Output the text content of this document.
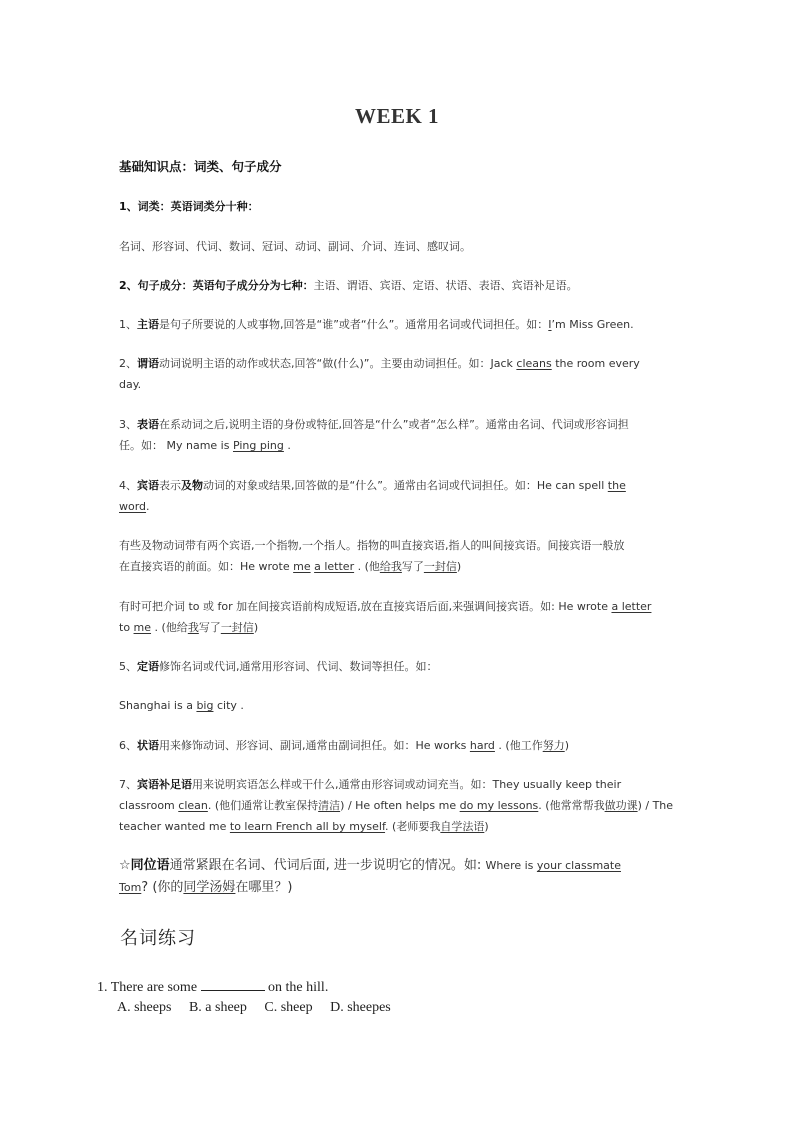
WEEK 1
基础知识点：词类、句子成分
1、词类：英语词类分十种：
名词、形容词、代词、数词、冠词、动词、副词、介词、连词、感叹词。
2、句子成分：英语句子成分分为七种：主语、谓语、宾语、定语、状语、表语、宾语补足语。
1、主语是句子所要说的人或事物,回答是“谁”或者“什么”。通常用名词或代词担任。如：I’m Miss Green.
2、谓语动词说明主语的动作或状态,回答“做(什么)”。主要由动词担任。如：Jack cleans the room every
day.
3、表语在系动词之后,说明主语的身份或特征,回答是“什么”或者“怎么样”。通常由名词、代词或形容词担
任。如： My name is Ping ping .
4、宾语表示及物动词的对象或结果,回答做的是“什么”。通常由名词或代词担任。如：He can spell the
word.
有些及物动词带有两个宾语,一个指物,一个指人。指物的叫直接宾语,指人的叫间接宾语。间接宾语一般放
在直接宾语的前面。如：He wrote me a letter . (他给我写了一封信)
有时可把介词 to 或 for 加在间接宾语前构成短语,放在直接宾语后面,来强调间接宾语。如: He wrote a letter
to me . (他给我写了一封信)
5、定语修饰名词或代词,通常用形容词、代词、数词等担任。如：
Shanghai is a big city .
6、状语用来修饰动词、形容词、副词,通常由副词担任。如：He works hard . (他工作努力)
7、宾语补足语用来说明宾语怎么样或干什么,通常由形容词或动词充当。如：They usually keep their
classroom clean. (他们通常让教室保持清洁) / He often helps me do my lessons. (他常常帮我做功课) / The
teacher wanted me to learn French all by myself. (老师要我自学法语)
☆同位语通常紧跟在名词、代词后面, 进一步说明它的情况。如: Where is your classmate
Tom? (你的同学汤姆在哪里？)
名词练习
1. There are some	on the hill.
A. sheeps B. a sheep C. sheep D. sheepes
